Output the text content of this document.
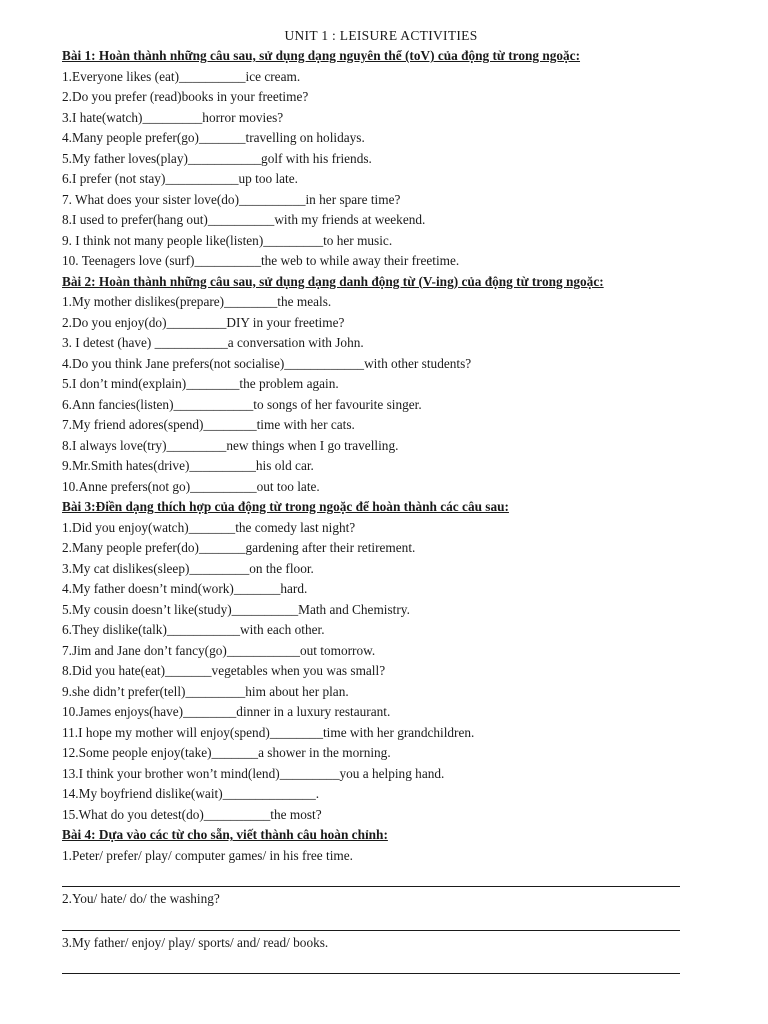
UNIT 1 : LEISURE ACTIVITIES
Bài 1: Hoàn thành những câu sau, sử dụng dạng nguyên thể (toV) của động từ trong ngoặc:
1.Everyone likes (eat)__________ice cream.
2.Do you prefer (read)books in your freetime?
3.I hate(watch)_________horror movies?
4.Many people prefer(go)_______travelling on holidays.
5.My father loves(play)___________golf with his friends.
6.I prefer (not stay)___________up too late.
7. What does your sister love(do)__________in her spare time?
8.I used to prefer(hang out)__________with my friends at weekend.
9. I think not many people like(listen)_________to her music.
10. Teenagers love (surf)__________the web to while away their freetime.
Bài 2: Hoàn thành những câu sau, sử dụng dạng danh động từ (V-ing) của động từ trong ngoặc:
1.My mother dislikes(prepare)________the meals.
2.Do you enjoy(do)_________DIY in your freetime?
3. I detest (have) ___________a conversation with John.
4.Do you think Jane prefers(not socialise)____________with other students?
5.I don’t mind(explain)________the problem again.
6.Ann fancies(listen)____________to songs of her favourite singer.
7.My friend adores(spend)________time with her cats.
8.I always love(try)_________new things when I go travelling.
9.Mr.Smith hates(drive)__________his old car.
10.Anne prefers(not go)__________out too late.
Bài 3:Điền dạng thích hợp của động từ trong ngoặc để hoàn thành các câu sau:
1.Did you enjoy(watch)_______the comedy last night?
2.Many people prefer(do)_______gardening after their retirement.
3.My cat dislikes(sleep)_________on the floor.
4.My father doesn’t mind(work)_______hard.
5.My cousin doesn’t like(study)__________Math and Chemistry.
6.They dislike(talk)___________with each other.
7.Jim and Jane don’t fancy(go)___________out tomorrow.
8.Did you hate(eat)_______vegetables when you was small?
9.she didn’t prefer(tell)_________him about her plan.
10.James enjoys(have)________dinner in a luxury restaurant.
11.I hope my mother will enjoy(spend)________time with her grandchildren.
12.Some people enjoy(take)_______a shower in the morning.
13.I think your brother won’t mind(lend)_________you a helping hand.
14.My boyfriend dislike(wait)______________.
15.What do you detest(do)__________the most?
Bài 4: Dựa vào các từ cho sẵn, viết thành câu hoàn chỉnh:
1.Peter/ prefer/ play/ computer games/ in his free time.
2.You/ hate/ do/ the washing?
3.My father/ enjoy/ play/ sports/ and/ read/ books.
